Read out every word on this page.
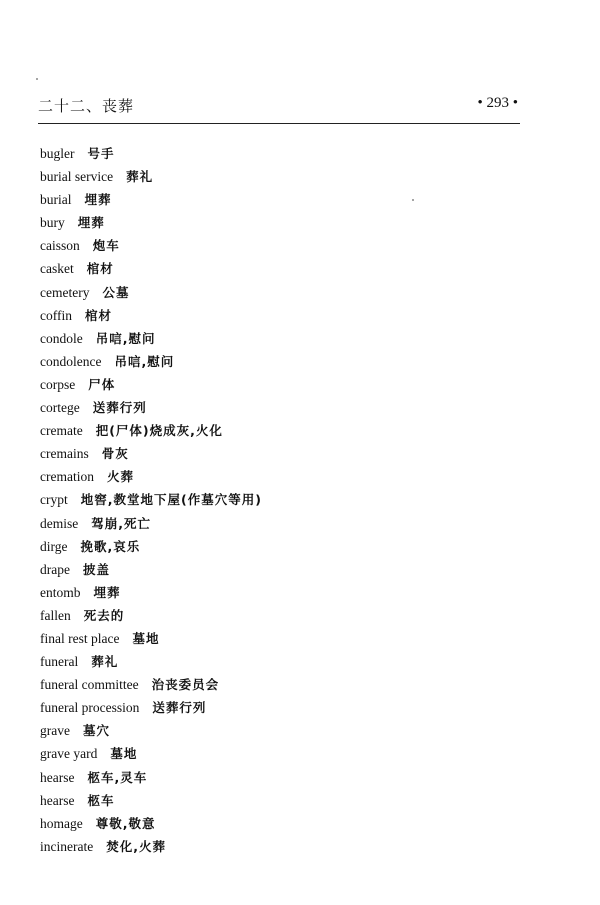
二十二、丧葬	• 293 •
bugler 号手
burial service 葬礼
burial 埋葬
bury 埋葬
caisson 炮车
casket 棺材
cemetery 公墓
coffin 棺材
condole 吊唁,慰问
condolence 吊唁,慰问
corpse 尸体
cortege 送葬行列
cremate 把(尸体)烧成灰,火化
cremains 骨灰
cremation 火葬
crypt 地窖,教堂地下屋(作墓穴等用)
demise 驾崩,死亡
dirge 挽歌,哀乐
drape 披盖
entomb 埋葬
fallen 死去的
final rest place 墓地
funeral 葬礼
funeral committee 治丧委员会
funeral procession 送葬行列
grave 墓穴
grave yard 墓地
hearse 柩车,灵车
hearse 柩车
homage 尊敬,敬意
incinerate 焚化,火葬
